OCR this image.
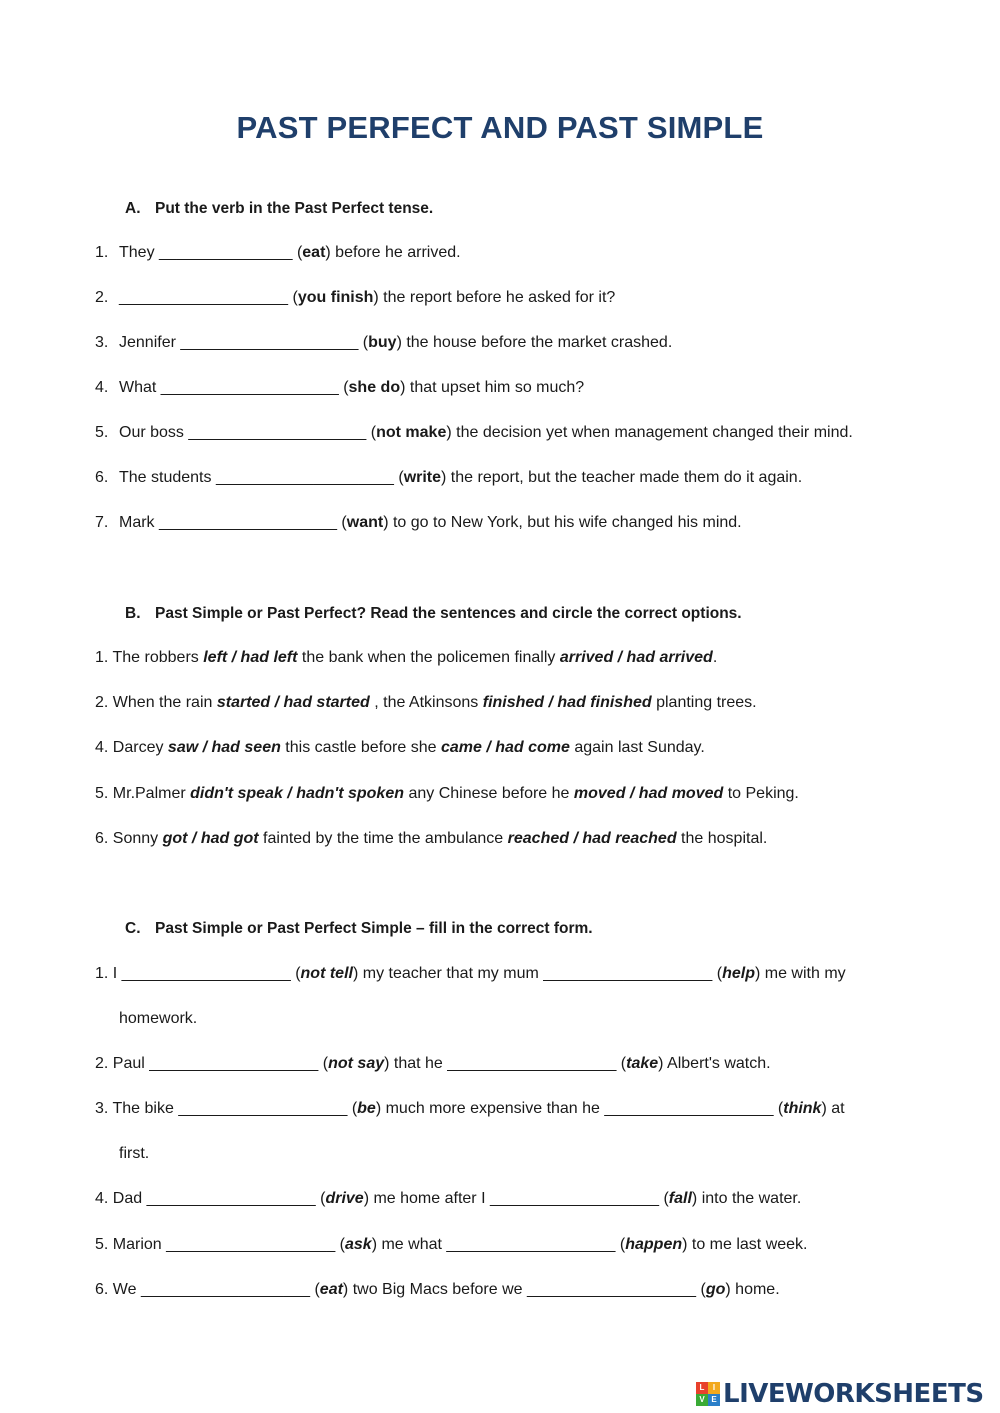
PAST PERFECT AND PAST SIMPLE
A. Put the verb in the Past Perfect tense.
1. They _______________ (eat) before he arrived.
2. ___________________ (you finish) the report before he asked for it?
3. Jennifer ____________________ (buy) the house before the market crashed.
4. What ____________________ (she do) that upset him so much?
5. Our boss ____________________ (not make) the decision yet when management changed their mind.
6. The students ____________________ (write) the report, but the teacher made them do it again.
7. Mark ____________________ (want) to go to New York, but his wife changed his mind.
B. Past Simple or Past Perfect? Read the sentences and circle the correct options.
1. The robbers left / had left the bank when the policemen finally arrived / had arrived.
2. When the rain started / had started , the Atkinsons finished / had finished planting trees.
4. Darcey saw / had seen this castle before she came / had come again last Sunday.
5. Mr.Palmer didn't speak / hadn't spoken any Chinese before he moved / had moved to Peking.
6. Sonny got / had got fainted by the time the ambulance reached / had reached the hospital.
C. Past Simple or Past Perfect Simple – fill in the correct form.
1. I ___________________ (not tell) my teacher that my mum ___________________ (help) me with my
homework.
2. Paul ___________________ (not say) that he ___________________ (take) Albert's watch.
3. The bike ___________________ (be) much more expensive than he ___________________ (think) at
first.
4. Dad ___________________ (drive) me home after I ___________________ (fall) into the water.
5. Marion ___________________ (ask) me what ___________________ (happen) to me last week.
6. We ___________________ (eat) two Big Macs before we ___________________ (go) home.
L	I
V E LIVEWORKSHEETS
